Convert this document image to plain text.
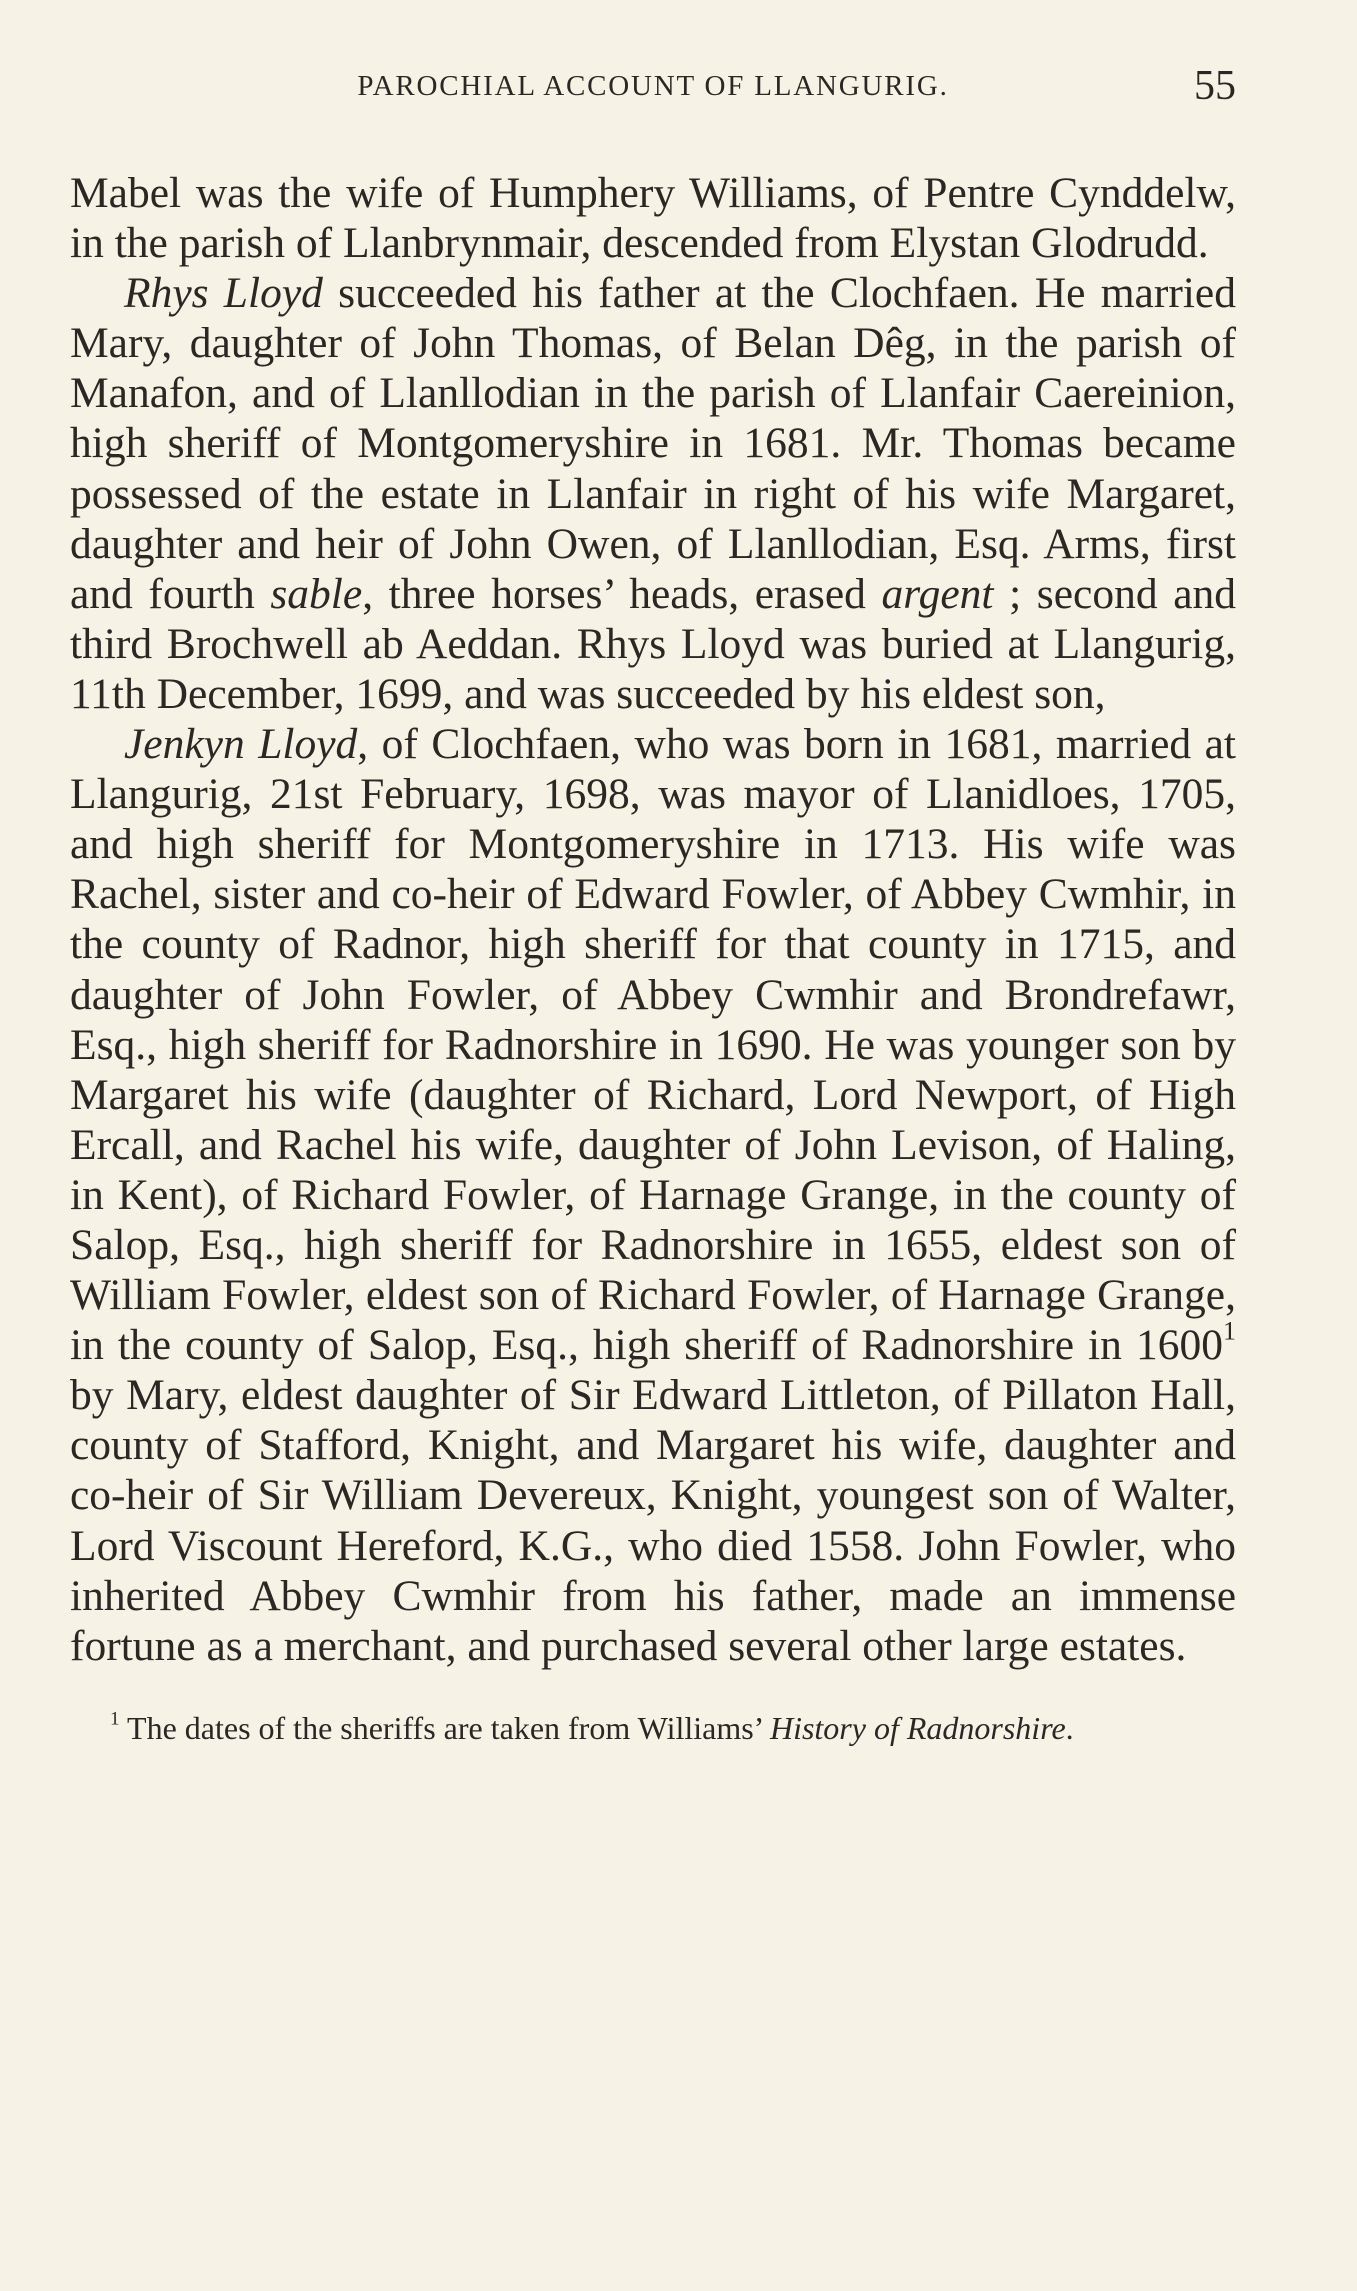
PAROCHIAL ACCOUNT OF LLANGURIG.	55

Mabel was the wife of Humphery Williams, of Pentre Cynddelw, in the parish of Llanbrynmair, descended from Elystan Glodrudd.

Rhys Lloyd succeeded his father at the Clochfaen. He married Mary, daughter of John Thomas, of Belan Dêg, in the parish of Manafon, and of Llanllodian in the parish of Llanfair Caereinion, high sheriff of Montgomeryshire in 1681. Mr. Thomas became possessed of the estate in Llanfair in right of his wife Margaret, daughter and heir of John Owen, of Llanllodian, Esq. Arms, first and fourth sable, three horses’ heads, erased argent ; second and third Brochwell ab Aeddan. Rhys Lloyd was buried at Llangurig, 11th December, 1699, and was succeeded by his eldest son,

Jenkyn Lloyd, of Clochfaen, who was born in 1681, married at Llangurig, 21st February, 1698, was mayor of Llanidloes, 1705, and high sheriff for Montgomeryshire in 1713. His wife was Rachel, sister and co-heir of Edward Fowler, of Abbey Cwmhir, in the county of Radnor, high sheriff for that county in 1715, and daughter of John Fowler, of Abbey Cwmhir and Brondrefawr, Esq., high sheriff for Radnorshire in 1690. He was younger son by Margaret his wife (daughter of Richard, Lord Newport, of High Ercall, and Rachel his wife, daughter of John Levison, of Haling, in Kent), of Richard Fowler, of Harnage Grange, in the county of Salop, Esq., high sheriff for Radnorshire in 1655, eldest son of William Fowler, eldest son of Richard Fowler, of Harnage Grange, in the county of Salop, Esq., high sheriff of Radnorshire in 1600$^1$ by Mary, eldest daughter of Sir Edward Littleton, of Pillaton Hall, county of Stafford, Knight, and Margaret his wife, daughter and co-heir of Sir William Devereux, Knight, youngest son of Walter, Lord Viscount Hereford, K.G., who died 1558. John Fowler, who inherited Abbey Cwmhir from his father, made an immense fortune as a merchant, and purchased several other large estates.

$^1$ The dates of the sheriffs are taken from Williams’ History of Radnorshire.
